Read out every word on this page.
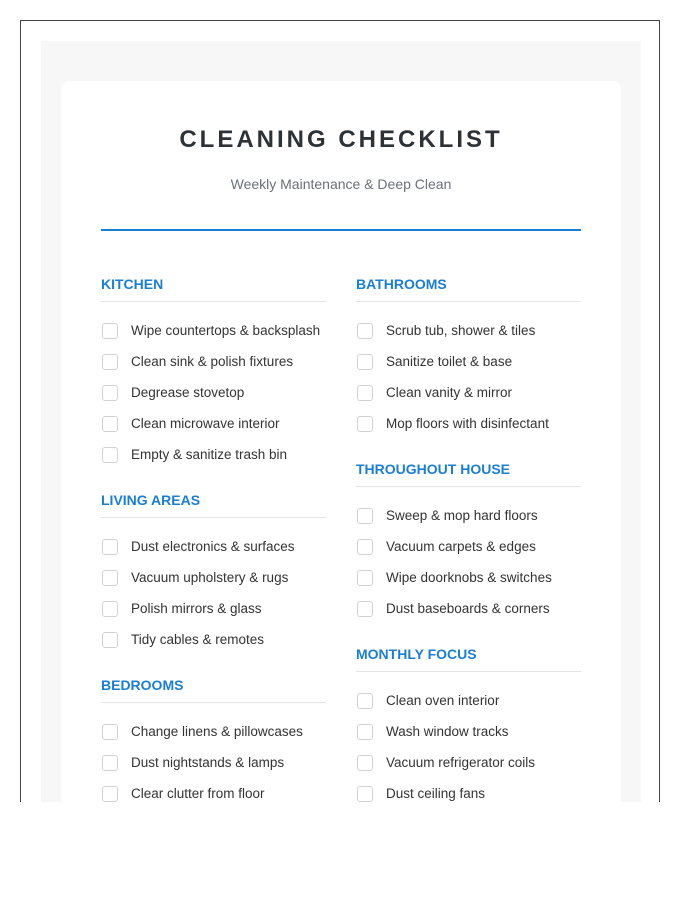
CLEANING CHECKLIST
Weekly Maintenance & Deep Clean
KITCHEN
Wipe countertops & backsplash
Clean sink & polish fixtures
Degrease stovetop
Clean microwave interior
Empty & sanitize trash bin
LIVING AREAS
Dust electronics & surfaces
Vacuum upholstery & rugs
Polish mirrors & glass
Tidy cables & remotes
BEDROOMS
Change linens & pillowcases
Dust nightstands & lamps
Clear clutter from floor
BATHROOMS
Scrub tub, shower & tiles
Sanitize toilet & base
Clean vanity & mirror
Mop floors with disinfectant
THROUGHOUT HOUSE
Sweep & mop hard floors
Vacuum carpets & edges
Wipe doorknobs & switches
Dust baseboards & corners
MONTHLY FOCUS
Clean oven interior
Wash window tracks
Vacuum refrigerator coils
Dust ceiling fans
